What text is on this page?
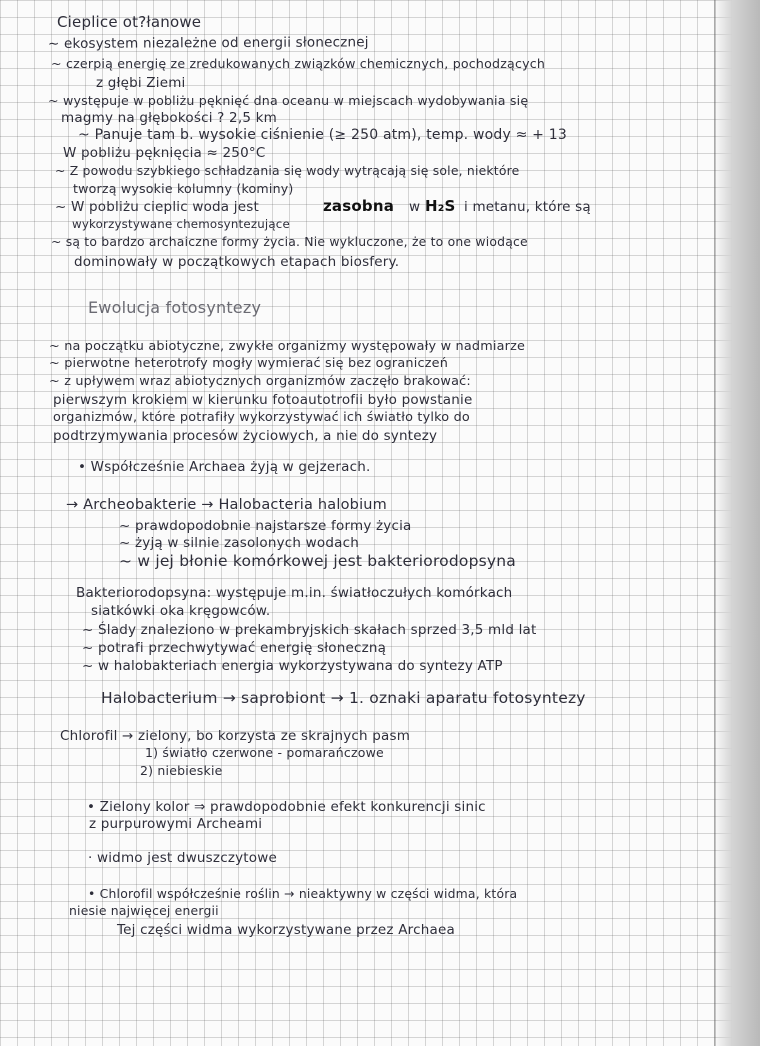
Cieplice ot?łanowe

~ ekosystem niezależne od energii słonecznej

~ czerpią energię ze zredukowanych związków chemicznych, pochodzących

z głębi Ziemi

~ występuje w pobliżu pęknięć dna oceanu w miejscach wydobywania się

magmy na głębokości ? 2,5 km

~ Panuje tam b. wysokie ciśnienie (≥ 250 atm), temp. wody ≈ + 13

W pobliżu pęknięcia ≈ 250°C

~ Z powodu szybkiego schładzania się wody wytrącają się sole, niektóre

tworzą wysokie kolumny (kominy)

~ W pobliżu cieplic woda jest	zasobna w H₂S i metanu, które są

wykorzystywane chemosyntezujące

~ są to bardzo archaiczne formy życia. Nie wykluczone, że to one wiodące

dominowały w początkowych etapach biosfery.

Ewolucja fotosyntezy

~ na początku abiotyczne, zwykłe organizmy występowały w nadmiarze

~ pierwotne heterotrofy mogły wymierać się bez ograniczeń

~ z upływem wraz abiotycznych organizmów zaczęło brakować:

pierwszym krokiem w kierunku fotoautotrofii było powstanie

organizmów, które potrafiły wykorzystywać ich światło tylko do

podtrzymywania procesów życiowych, a nie do syntezy

• Współcześnie Archaea żyją w gejzerach.

→ Archeobakterie → Halobacteria halobium

~ prawdopodobnie najstarsze formy życia

~ żyją w silnie zasolonych wodach

~ w jej błonie komórkowej jest bakteriorodopsyna

Bakteriorodopsyna: występuje m.in. światłoczułych komórkach

siatkówki oka kręgowców.

~ Ślady znaleziono w prekambryjskich skałach sprzed 3,5 mld lat

~ potrafi przechwytywać energię słoneczną

~ w halobakteriach energia wykorzystywana do syntezy ATP

Halobacterium → saprobiont → 1. oznaki aparatu fotosyntezy

Chlorofil → zielony, bo korzysta ze skrajnych pasm

1) światło czerwone - pomarańczowe

2) niebieskie

• Zielony kolor ⇒ prawdopodobnie efekt konkurencji sinic

z purpurowymi Archeami

· widmo jest dwuszczytowe

• Chlorofil współcześnie roślin → nieaktywny w części widma, która

niesie najwięcej energii

Tej części widma wykorzystywane przez Archaea
